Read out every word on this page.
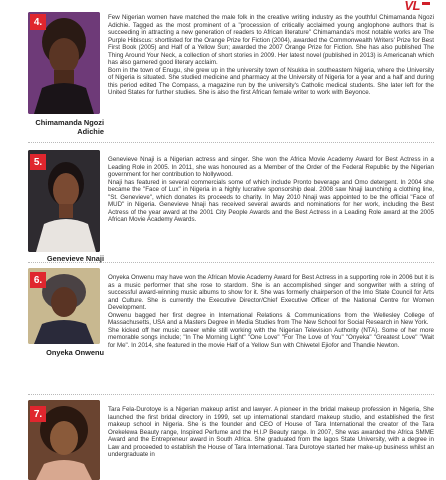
VL
4.
Chimamanda Ngozi
Adichie

Few Nigerian women have matched the male folk in the creative writing industry as the youthful Chimamanda Ngozi Adichie. Tagged as the most prominent of a "procession of critically acclaimed young anglophone authors that is succeeding in attracting a new generation of readers to African literature" Chimamanda's most notable works are The Purple Hibiscus: shortlisted for the Orange Prize for Fiction (2004), awarded the Commonwealth Writers' Prize for Best First Book (2005) and Half of a Yellow Sun; awarded the 2007 Orange Prize for Fiction. She has also published The Thing Around Your Neck, a collection of short stories in 2009. Her latest novel (published in 2013) is Americanah which has also garnered good literary acclaim.

Born in the town of Enugu, she grew up in the university town of Nsukka in southeastern Nigeria, where the University of Nigeria is situated. She studied medicine and pharmacy at the University of Nigeria for a year and a half and during this period edited The Compass, a magazine run by the university's Catholic medical students. She later left for the United States for further studies. She is also the first African female writer to work with Beyonce.

5.
Genevieve Nnaji

Genevieve Nnaji is a Nigerian actress and singer. She won the Africa Movie Academy Award for Best Actress in a Leading Role in 2005. In 2011, she was honoured as a Member of the Order of the Federal Republic by the Nigerian government for her contribution to Nollywood.

Nnaji has featured in several commercials some of which include Pronto beverage and Omo detergent. In 2004 she became the "Face of Lux" in Nigeria in a highly lucrative sponsorship deal. 2008 saw Nnaji launching a clothing line, "St. Genevieve", which donates its proceeds to charity. In May 2010 Nnaji was appointed to be the official "Face of MUD" in Nigeria. Genevieve Nnaji has received several awards and nominations for her work, including the Best Actress of the year award at the 2001 City People Awards and the Best Actress in a Leading Role award at the 2005 African Movie Academy Awards.

6.
Onyeka Onwenu

Onyeka Onwenu may have won the African Movie Academy Award for Best Actress in a supporting role in 2006 but it is as a music performer that she rose to stardom. She is an accomplished singer and songwriter with a string of successful award-winning music albums to show for it. She was formerly chairperson of the Imo State Council for Arts and Culture. She is currently the Executive Director/Chief Executive Officer of the National Centre for Women Development.

Onwenu bagged her first degree in International Relations & Communications from the Wellesley College of Massachusetts, USA and a Masters Degree in Media Studies from The New School for Social Research in New York.

She kicked off her music career while still working with the Nigerian Television Authority (NTA). Some of her more memorable songs include; "In The Morning Light" "One Love" "For The Love of You" "Onyeka" "Greatest Love" "Wait for Me". In 2014, she featured in the movie Half of a Yellow Sun with Chiwetel Ejiofor and Thandie Newton.

7.	Tara Fela-Durotoye is a Nigerian makeup artist and lawyer. A pioneer in the bridal makeup profession in Nigeria, She launched the first bridal directory in 1999, set up international standard makeup studio, and established the first makeup school in Nigeria. She is the founder and CEO of House of Tara International the creator of the Tara Orekelewa Beauty range, Inspired Perfume and the H.I.P Beauty range. In 2007, She was awarded the Africa SMME Award and the Entrepreneur award in South Africa. She graduated from the lagos State University, with a degree in Law and proceeded to establish the House of Tara International. Tara Durotoye started her make-up business whilst an undergraduate in
